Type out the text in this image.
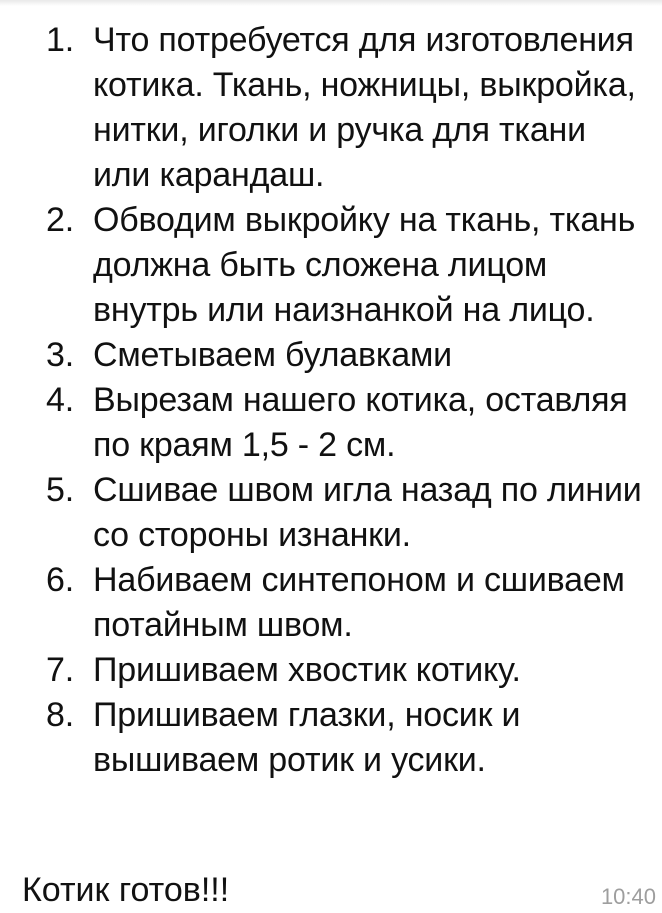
1. Что потребуется для изготовления котика. Ткань, ножницы, выкройка, нитки, иголки и ручка для ткани или карандаш.
2. Обводим выкройку на ткань, ткань должна быть сложена лицом внутрь или наизнанкой на лицо.
3. Сметываем булавками
4. Вырезам нашего котика, оставляя по краям 1,5 - 2 см.
5. Сшивае швом игла назад по линии со стороны изнанки.
6. Набиваем синтепоном и сшиваем потайным швом.
7. Пришиваем хвостик котику.
8. Пришиваем глазки, носик и вышиваем ротик и усики.
Котик готов!!!	10:40
